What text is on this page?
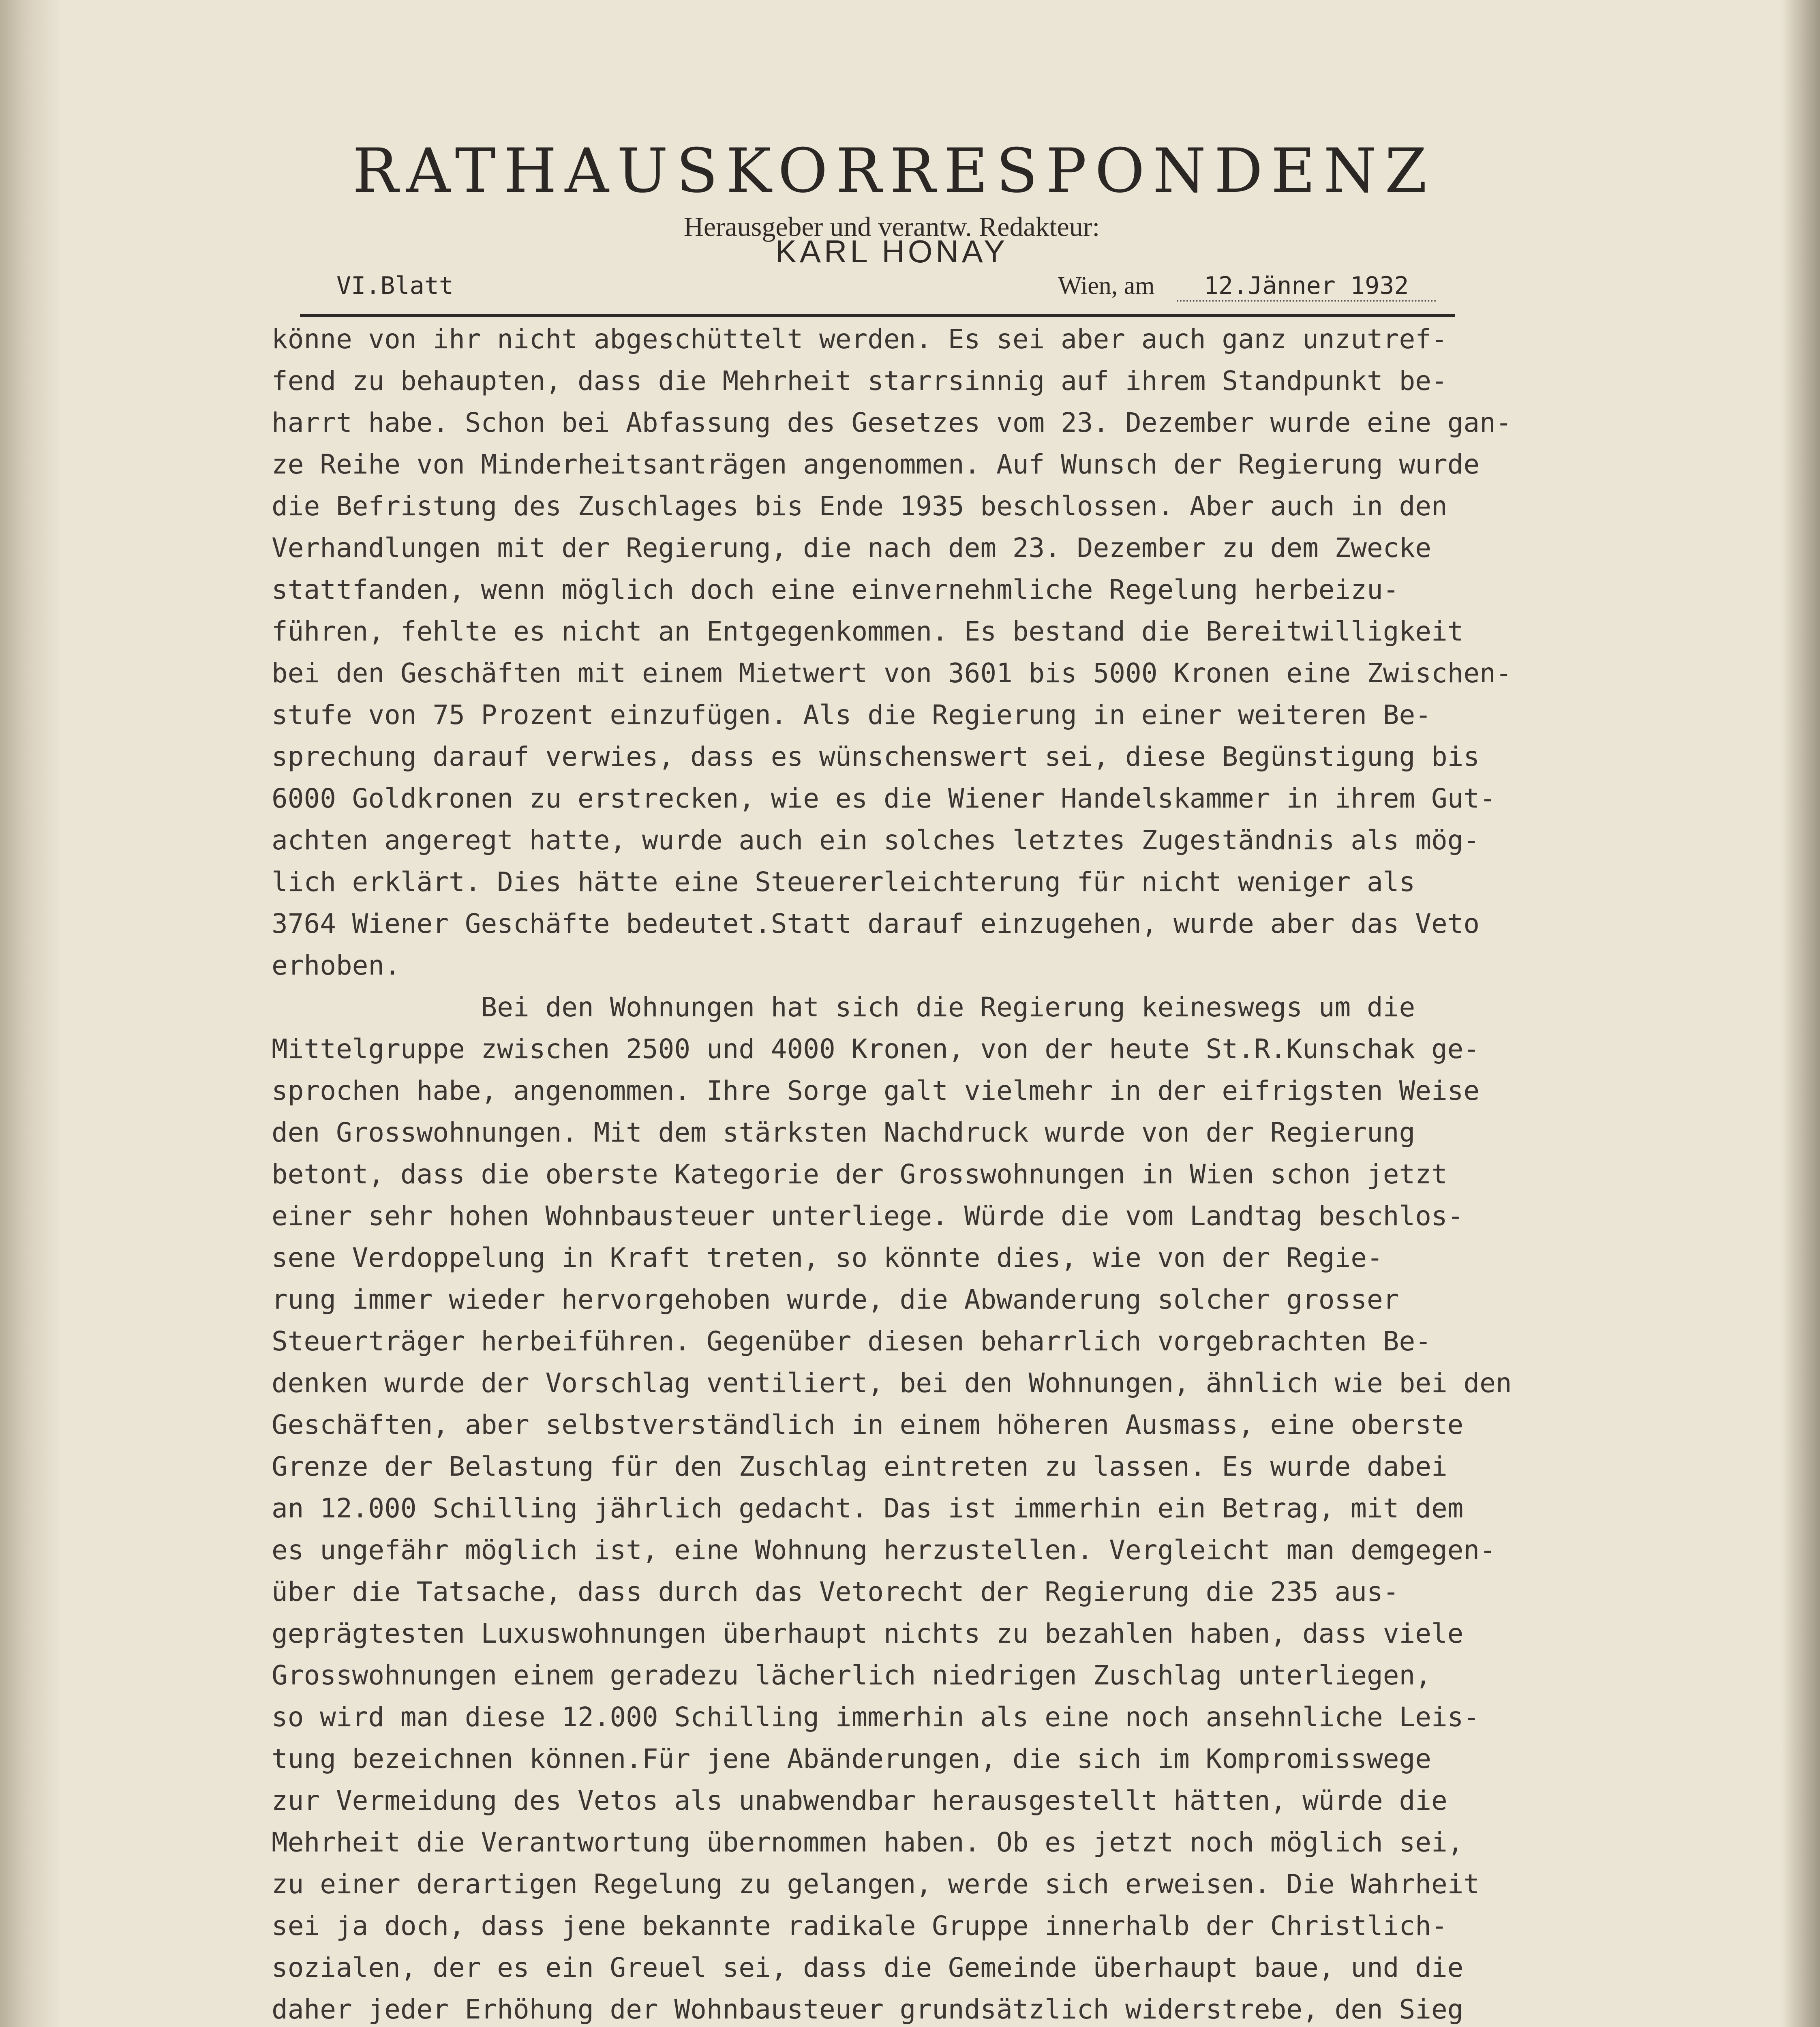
RATHAUSKORRESPONDENZ
Herausgeber und verantw. Redakteur:
KARL HONAY
VI.Blatt	Wien, am 12.Jänner 1932

könne von ihr nicht abgeschüttelt werden. Es sei aber auch ganz unzutref-

fend zu behaupten, dass die Mehrheit starrsinnig auf ihrem Standpunkt be-

harrt habe. Schon bei Abfassung des Gesetzes vom 23. Dezember wurde eine gan-

ze Reihe von Minderheitsanträgen angenommen. Auf Wunsch der Regierung wurde

die Befristung des Zuschlages bis Ende 1935 beschlossen. Aber auch in den

Verhandlungen mit der Regierung, die nach dem 23. Dezember zu dem Zwecke

stattfanden, wenn möglich doch eine einvernehmliche Regelung herbeizu-

führen, fehlte es nicht an Entgegenkommen. Es bestand die Bereitwilligkeit

bei den Geschäften mit einem Mietwert von 3601 bis 5000 Kronen eine Zwischen-

stufe von 75 Prozent einzufügen. Als die Regierung in einer weiteren Be-

sprechung darauf verwies, dass es wünschenswert sei, diese Begünstigung bis

6000 Goldkronen zu erstrecken, wie es die Wiener Handelskammer in ihrem Gut-

achten angeregt hatte, wurde auch ein solches letztes Zugeständnis als mög-

lich erklärt. Dies hätte eine Steuererleichterung für nicht weniger als

3764 Wiener Geschäfte bedeutet.Statt darauf einzugehen, wurde aber das Veto

erhoben.

Bei den Wohnungen hat sich die Regierung keineswegs um die

Mittelgruppe zwischen 2500 und 4000 Kronen, von der heute St.R.Kunschak ge-

sprochen habe, angenommen. Ihre Sorge galt vielmehr in der eifrigsten Weise

den Grosswohnungen. Mit dem stärksten Nachdruck wurde von der Regierung

betont, dass die oberste Kategorie der Grosswohnungen in Wien schon jetzt

einer sehr hohen Wohnbausteuer unterliege. Würde die vom Landtag beschlos-

sene Verdoppelung in Kraft treten, so könnte dies, wie von der Regie-

rung immer wieder hervorgehoben wurde, die Abwanderung solcher grosser

Steuerträger herbeiführen. Gegenüber diesen beharrlich vorgebrachten Be-

denken wurde der Vorschlag ventiliert, bei den Wohnungen, ähnlich wie bei den

Geschäften, aber selbstverständlich in einem höheren Ausmass, eine oberste

Grenze der Belastung für den Zuschlag eintreten zu lassen. Es wurde dabei

an 12.000 Schilling jährlich gedacht. Das ist immerhin ein Betrag, mit dem

es ungefähr möglich ist, eine Wohnung herzustellen. Vergleicht man demgegen-

über die Tatsache, dass durch das Vetorecht der Regierung die 235 aus-

geprägtesten Luxuswohnungen überhaupt nichts zu bezahlen haben, dass viele

Grosswohnungen einem geradezu lächerlich niedrigen Zuschlag unterliegen,

so wird man diese 12.000 Schilling immerhin als eine noch ansehnliche Leis-

tung bezeichnen können.Für jene Abänderungen, die sich im Kompromisswege

zur Vermeidung des Vetos als unabwendbar herausgestellt hätten, würde die

Mehrheit die Verantwortung übernommen haben. Ob es jetzt noch möglich sei,

zu einer derartigen Regelung zu gelangen, werde sich erweisen. Die Wahrheit

sei ja doch, dass jene bekannte radikale Gruppe innerhalb der Christlich-

sozialen, der es ein Greuel sei, dass die Gemeinde überhaupt baue, und die

daher jeder Erhöhung der Wohnbausteuer grundsätzlich widerstrebe, den Sieg
